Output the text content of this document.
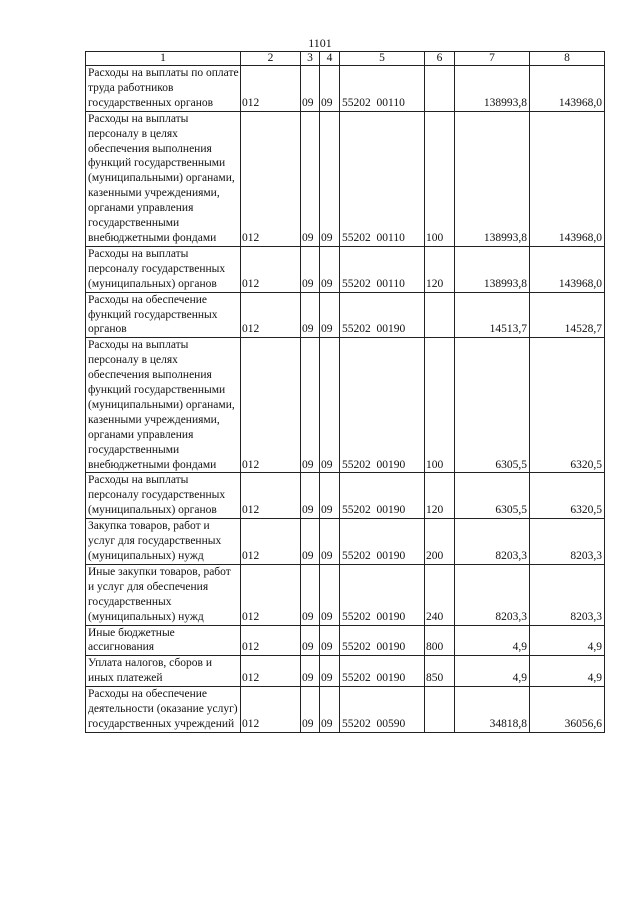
1101
1	2	3	4	5	6	7	8
Расходы на выплаты по оплате труда работников государственных органов	012	09	09	55202  00110		138993,8	143968,0
Расходы на выплаты персоналу в целях обеспечения выполнения функций государственными (муниципальными) органами, казенными учреждениями, органами управления государственными внебюджетными фондами	012	09	09	55202  00110	100	138993,8	143968,0
Расходы на выплаты персоналу государственных (муниципальных) органов	012	09	09	55202  00110	120	138993,8	143968,0
Расходы на обеспечение функций государственных органов	012	09	09	55202  00190		14513,7	14528,7
Расходы на выплаты персоналу в целях обеспечения выполнения функций государственными (муниципальными) органами, казенными учреждениями, органами управления государственными внебюджетными фондами	012	09	09	55202  00190	100	6305,5	6320,5
Расходы на выплаты персоналу государственных (муниципальных) органов	012	09	09	55202  00190	120	6305,5	6320,5
Закупка товаров, работ и услуг для государственных (муниципальных) нужд	012	09	09	55202  00190	200	8203,3	8203,3
Иные закупки товаров, работ и услуг для обеспечения государственных (муниципальных) нужд	012	09	09	55202  00190	240	8203,3	8203,3
Иные бюджетные ассигнования	012	09	09	55202  00190	800	4,9	4,9
Уплата налогов, сборов и иных платежей	012	09	09	55202  00190	850	4,9	4,9
Расходы на обеспечение деятельности (оказание услуг) государственных учреждений	012	09	09	55202  00590		34818,8	36056,6
